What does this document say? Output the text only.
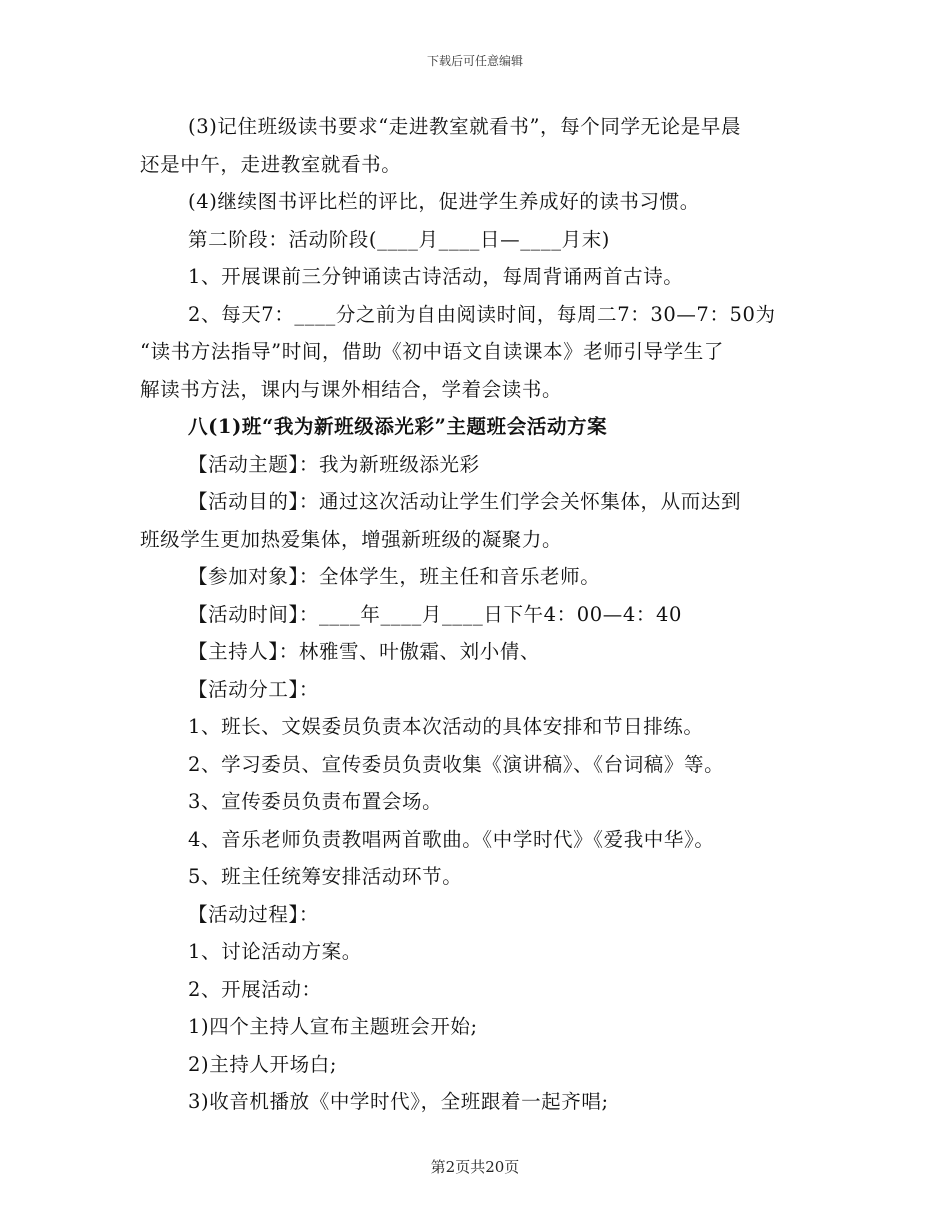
下载后可任意编辑
(3)记住班级读书要求“走进教室就看书”，每个同学无论是早晨
还是中午，走进教室就看书。
(4)继续图书评比栏的评比，促进学生养成好的读书习惯。
第二阶段：活动阶段(____月____日—____月末)
1、开展课前三分钟诵读古诗活动，每周背诵两首古诗。
2、每天7：____分之前为自由阅读时间，每周二7：30—7：50为
“读书方法指导”时间，借助《初中语文自读课本》老师引导学生了
解读书方法，课内与课外相结合，学着会读书。
八(1)班“我为新班级添光彩”主题班会活动方案
【活动主题】：我为新班级添光彩
【活动目的】：通过这次活动让学生们学会关怀集体，从而达到
班级学生更加热爱集体，增强新班级的凝聚力。
【参加对象】：全体学生，班主任和音乐老师。
【活动时间】：____年____月____日下午4：00—4：40
【主持人】：林雅雪、叶傲霜、刘小倩、
【活动分工】：
1、班长、文娱委员负责本次活动的具体安排和节日排练。
2、学习委员、宣传委员负责收集《演讲稿》、《台词稿》等。
3、宣传委员负责布置会场。
4、音乐老师负责教唱两首歌曲。《中学时代》《爱我中华》。
5、班主任统筹安排活动环节。
【活动过程】：
1、讨论活动方案。
2、开展活动：
1)四个主持人宣布主题班会开始;
2)主持人开场白;
3)收音机播放《中学时代》，全班跟着一起齐唱;
第2页共20页
